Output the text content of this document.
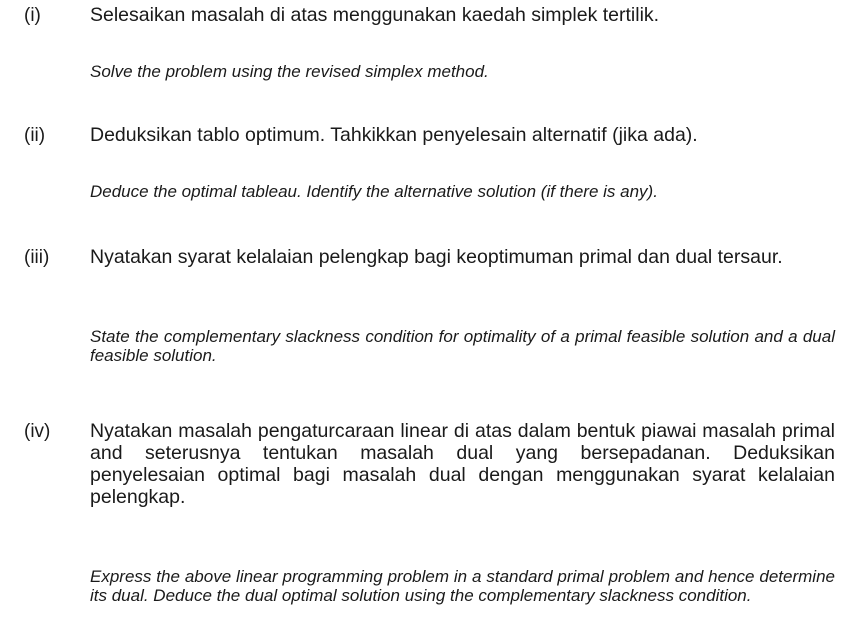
(i)	Selesaikan masalah di atas menggunakan kaedah simplek tertilik.

Solve the problem using the revised simplex method.

(ii) Deduksikan tablo optimum. Tahkikkan penyelesain alternatif (jika ada).

Deduce the optimal tableau. Identify the alternative solution (if there is any).

(iii) Nyatakan syarat kelalaian pelengkap bagi keoptimuman primal dan dual tersaur.

State the complementary slackness condition for optimality of a primal feasible solution and a dual feasible solution.

(iv) Nyatakan masalah pengaturcaraan linear di atas dalam bentuk piawai masalah primal and seterusnya tentukan masalah dual yang bersepadanan. Deduksikan penyelesaian optimal bagi masalah dual dengan menggunakan syarat kelalaian pelengkap.

Express the above linear programming problem in a standard primal problem and hence determine its dual. Deduce the dual optimal solution using the complementary slackness condition.
